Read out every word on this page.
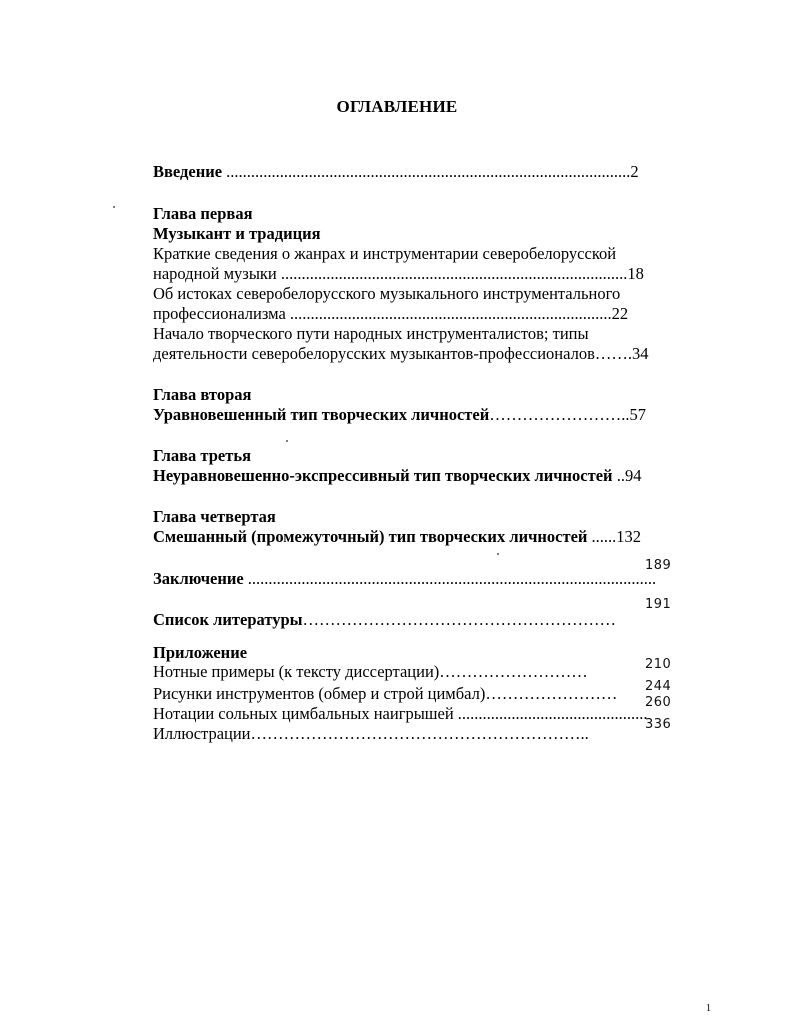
ОГЛАВЛЕНИЕ
Введение ..................................................................................................2
Глава первая
Музыкант и традиция
Краткие сведения о жанрах и инструментарии северобелорусской
народной музыки ....................................................................................18
Об истоках северобелорусского музыкального инструментального
профессионализма ..............................................................................22
Начало творческого пути народных инструменталистов; типы
деятельности северобелорусских музыкантов-профессионалов…….34
Глава вторая
Уравновешенный тип творческих личностей……………………..57
Глава третья
Неуравновешенно-экспрессивный тип творческих личностей ..94
Глава четвертая
Смешанный (промежуточный) тип творческих личностей ......132
Заключение ...................................................................................................
Список литературы…………………………………………………
Приложение
Нотные примеры (к тексту диссертации)………………………
Рисунки инструментов (обмер и строй цимбал)……………………
Нотации сольных цимбальных наигрышей ..............................................
Иллюстрации……………………………………………………..
189
191
210
244
260
336
1
